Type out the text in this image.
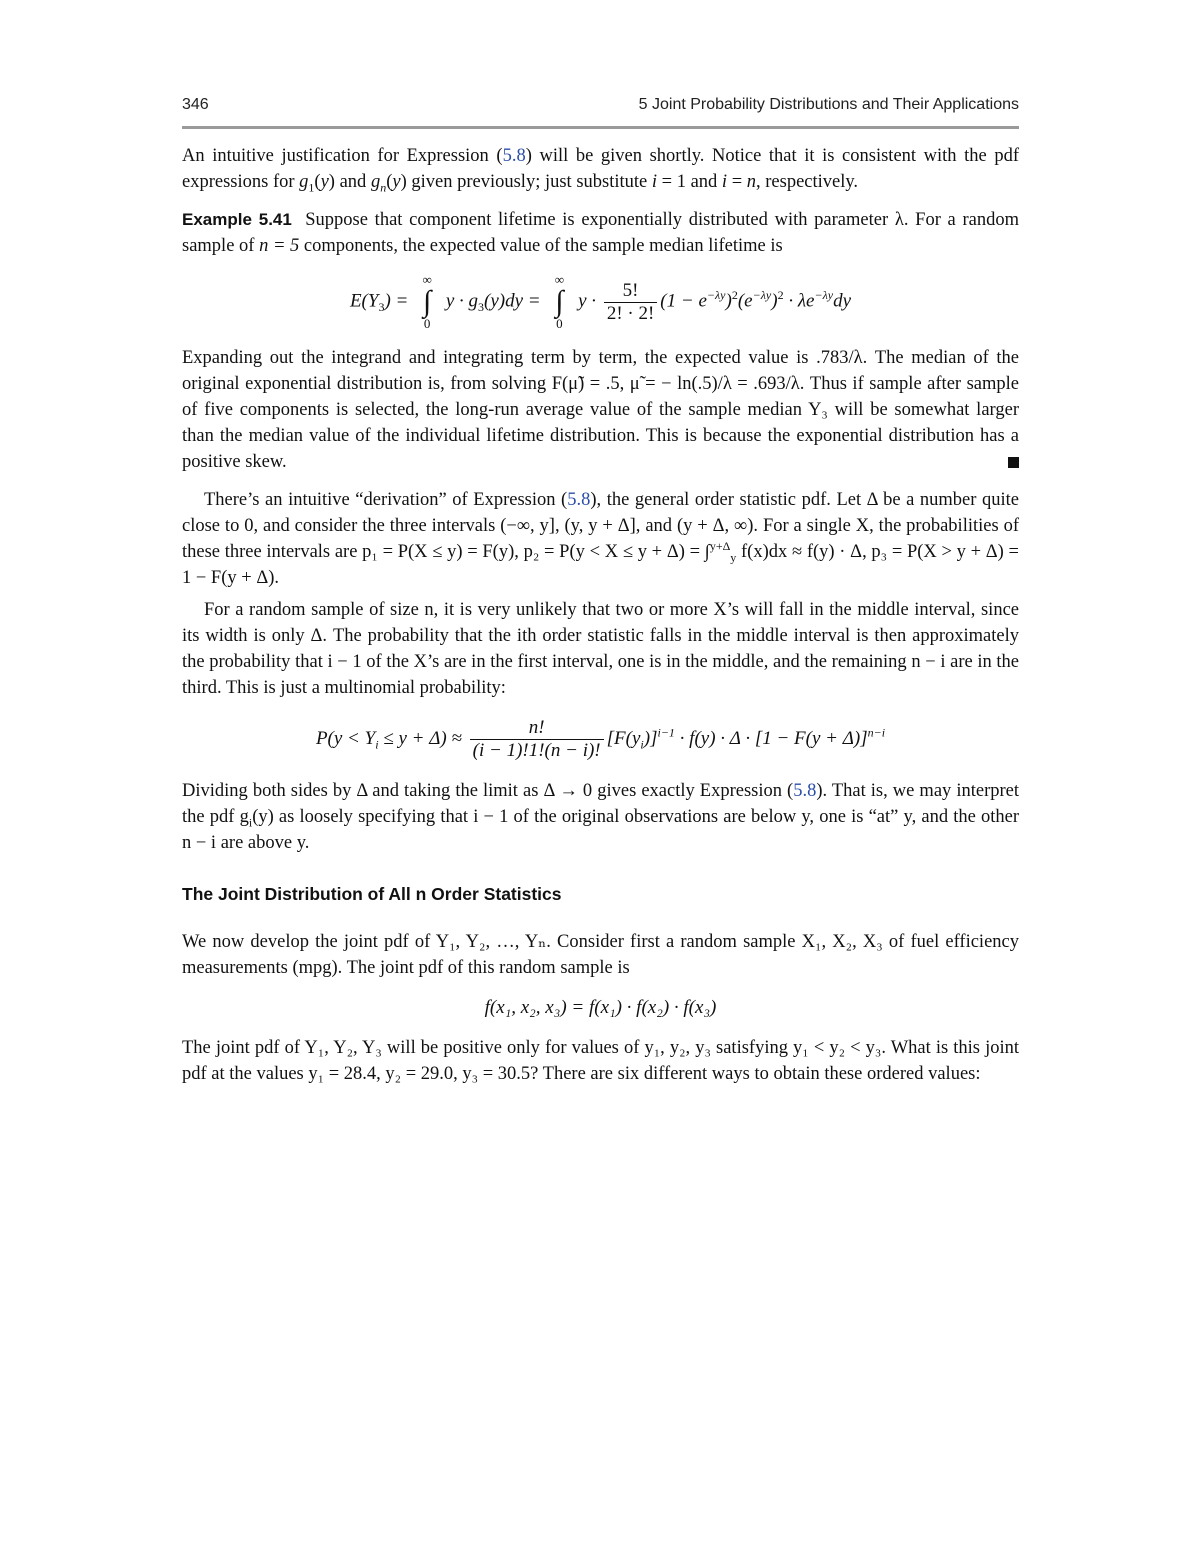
346	5 Joint Probability Distributions and Their Applications

An intuitive justification for Expression (5.8) will be given shortly. Notice that it is consistent with the pdf expressions for $g_1(y)$ and $g_n(y)$ given previously; just substitute i = 1 and i = n, respectively.

Example 5.41 Suppose that component lifetime is exponentially distributed with parameter λ. For a random sample of n = 5 components, the expected value of the sample median lifetime is

$E(Y_3)$ =
∞
∫
0
$y \cdot g_3(y)dy$ =
∞
∫
0
$y \cdot \frac{5!}{2! \cdot 2!} (1 - e^{-\lambda y})^2(e^{-\lambda y})^2 \cdot \lambda e^{-\lambda y}dy$

Expanding out the integrand and integrating term by term, the expected value is .783/λ. The median of the original exponential distribution is, from solving F(μ̃) = .5, μ̃ = − ln(.5)/λ = .693/λ. Thus if sample after sample of five components is selected, the long-run average value of the sample median Y₃ will be somewhat larger than the median value of the individual lifetime distribution. This is because the exponential distribution has a positive skew.

There’s an intuitive “derivation” of Expression (5.8), the general order statistic pdf. Let Δ be a number quite close to 0, and consider the three intervals (−∞, y], (y, y + Δ], and (y + Δ, ∞). For a single X, the probabilities of these three intervals are p₁ = P(X ≤ y) = F(y), p₂ = P(y < X ≤ y + Δ) = ∫$^{y+\Delta}_y$ f(x)dx ≈ f(y) · Δ, p₃ = P(X > y + Δ) = 1 − F(y + Δ).

For a random sample of size n, it is very unlikely that two or more X’s will fall in the middle interval, since its width is only Δ. The probability that the ith order statistic falls in the middle interval is then approximately the probability that i − 1 of the X’s are in the first interval, one is in the middle, and the remaining n − i are in the third. This is just a multinomial probability:

$P(y < Y_i \le y + \Delta) \approx \frac{n!}{(i - 1)!1!(n - i)!} [F(y_i)]^{i-1} \cdot f(y) \cdot \Delta \cdot [1 - F(y + \Delta)]^{n-i}$

Dividing both sides by Δ and taking the limit as Δ → 0 gives exactly Expression (5.8). That is, we may interpret the pdf $g_i(y)$ as loosely specifying that i − 1 of the original observations are below y, one is “at” y, and the other n − i are above y.

The Joint Distribution of All n Order Statistics

We now develop the joint pdf of Y₁, Y₂, …, Yₙ. Consider first a random sample X₁, X₂, X₃ of fuel efficiency measurements (mpg). The joint pdf of this random sample is

f(x₁, x₂, x₃) = f(x₁) · f(x₂) · f(x₃)

The joint pdf of Y₁, Y₂, Y₃ will be positive only for values of y₁, y₂, y₃ satisfying y₁ < y₂ < y₃. What is this joint pdf at the values y₁ = 28.4, y₂ = 29.0, y₃ = 30.5? There are six different ways to obtain these ordered values:
